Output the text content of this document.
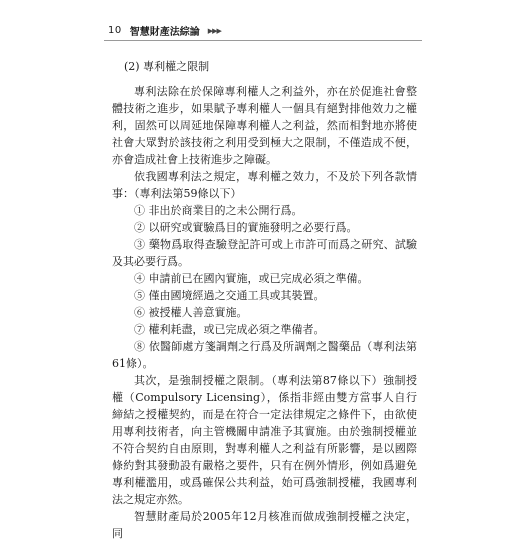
10 智慧財產法綜論 ▶▶▶

(2) 專利權之限制

專利法除在於保障專利權人之利益外，亦在於促進社會整體技術之進步，如果賦予專利權人一個具有絕對排他效力之權利，固然可以周延地保障專利權人之利益，然而相對地亦將使社會大眾對於該技術之利用受到極大之限制，不僅造成不便，亦會造成社會上技術進步之障礙。

依我國專利法之規定，專利權之效力，不及於下列各款情事：（專利法第59條以下）

① 非出於商業目的之未公開行爲。

② 以研究或實驗爲目的實施發明之必要行爲。

③ 藥物爲取得查驗登記許可或上市許可而爲之研究、試驗及其必要行爲。

④ 申請前已在國內實施，或已完成必須之準備。

⑤ 僅由國境經過之交通工具或其裝置。

⑥ 被授權人善意實施。

⑦ 權利耗盡，或已完成必須之準備者。

⑧ 依醫師處方箋調劑之行爲及所調劑之醫藥品（專利法第61條）。

其次，是強制授權之限制。（專利法第87條以下）強制授權（Compulsory Licensing），係指非經由雙方當事人自行締結之授權契約，而是在符合一定法律規定之條件下，由欲使用專利技術者，向主管機關申請准予其實施。由於強制授權並不符合契約自由原則，對專利權人之利益有所影響，是以國際條約對其發動設有嚴格之要件，只有在例外情形，例如爲避免專利權濫用，或爲確保公共利益，始可爲強制授權，我國專利法之規定亦然。

智慧財產局於2005年12月核准而做成強制授權之決定，同
